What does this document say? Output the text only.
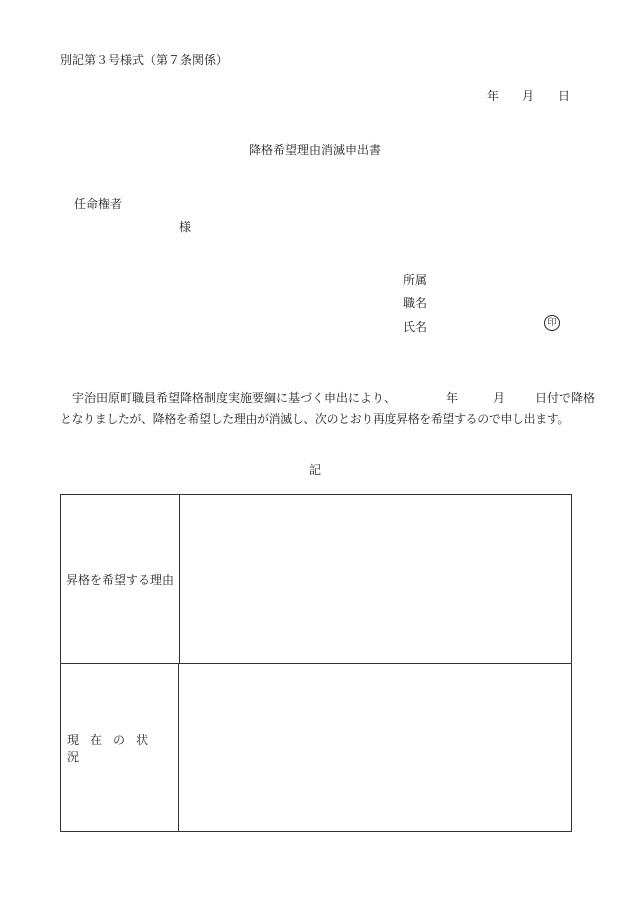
別記第３号様式（第７条関係）
年 月 日
降格希望理由消滅申出書
任命権者
様
所属
職名
氏名	印
宇治田原町職員希望降格制度実施要綱に基づく申出により、	年	月	日付で降格
となりましたが、降格を希望した理由が消滅し、次のとおり再度昇格を希望するので申し出ます。
記
昇格を希望する理由
現在の状況
